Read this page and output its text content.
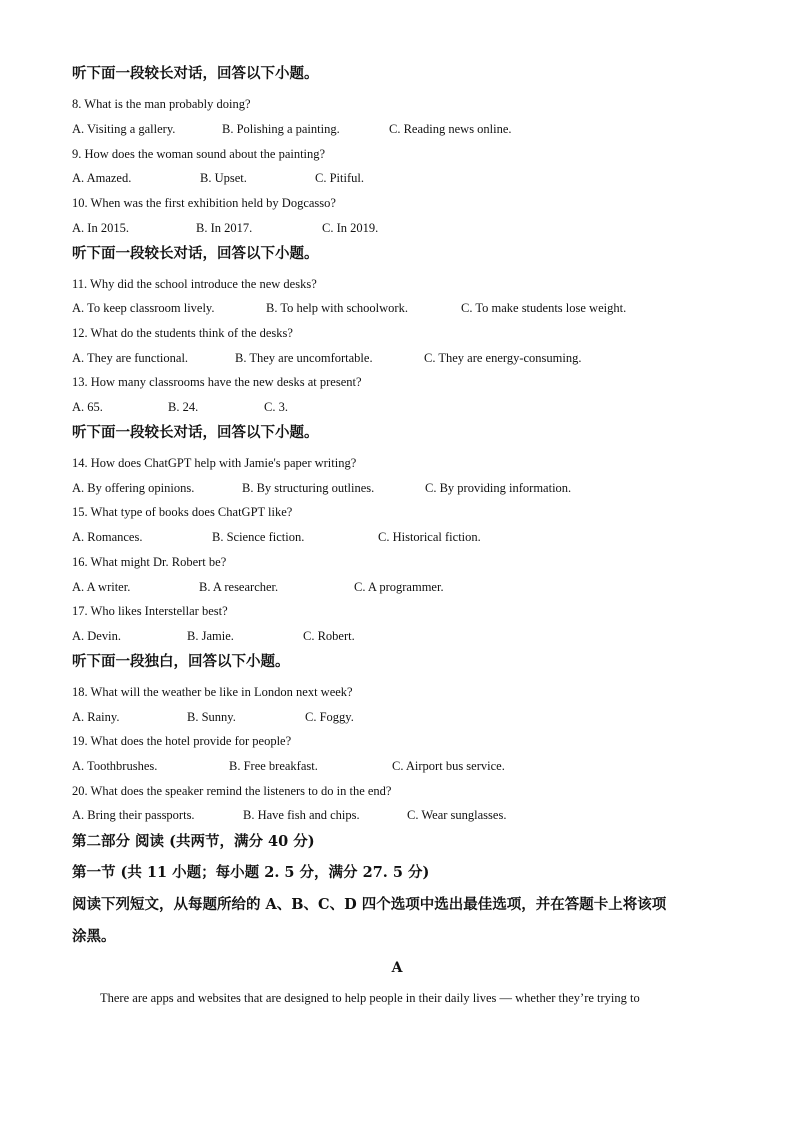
听下面一段较长对话，回答以下小题。
8. What is the man probably doing?
A. Visiting a gallery.	B. Polishing a painting.	C. Reading news online.
9. How does the woman sound about the painting?
A. Amazed.	B. Upset.	C. Pitiful.
10. When was the first exhibition held by Dogcasso?
A. In 2015.	B. In 2017.	C. In 2019.
听下面一段较长对话，回答以下小题。
11. Why did the school introduce the new desks?
A. To keep classroom lively.	B. To help with schoolwork.	C. To make students lose weight.
12. What do the students think of the desks?
A. They are functional.	B. They are uncomfortable.	C. They are energy-consuming.
13. How many classrooms have the new desks at present?
A. 65.	B. 24.	C. 3.
听下面一段较长对话，回答以下小题。
14. How does ChatGPT help with Jamie's paper writing?
A. By offering opinions.	B. By structuring outlines.	C. By providing information.
15. What type of books does ChatGPT like?
A. Romances.	B. Science fiction.	C. Historical fiction.
16. What might Dr. Robert be?
A. A writer.	B. A researcher.	C. A programmer.
17. Who likes Interstellar best?
A. Devin.	B. Jamie.	C. Robert.
听下面一段独白，回答以下小题。
18. What will the weather be like in London next week?
A. Rainy.	B. Sunny.	C. Foggy.
19. What does the hotel provide for people?
A. Toothbrushes.	B. Free breakfast.	C. Airport bus service.
20. What does the speaker remind the listeners to do in the end?
A. Bring their passports.	B. Have fish and chips.	C. Wear sunglasses.
第二部分 阅读 (共两节，满分 40 分)
第一节 (共 11 小题；每小题 2. 5 分，满分 27. 5 分)
阅读下列短文，从每题所给的 A、B、C、D 四个选项中选出最佳选项，并在答题卡上将该项
涂黑。
A
There are apps and websites that are designed to help people in their daily lives — whether they’re trying to
